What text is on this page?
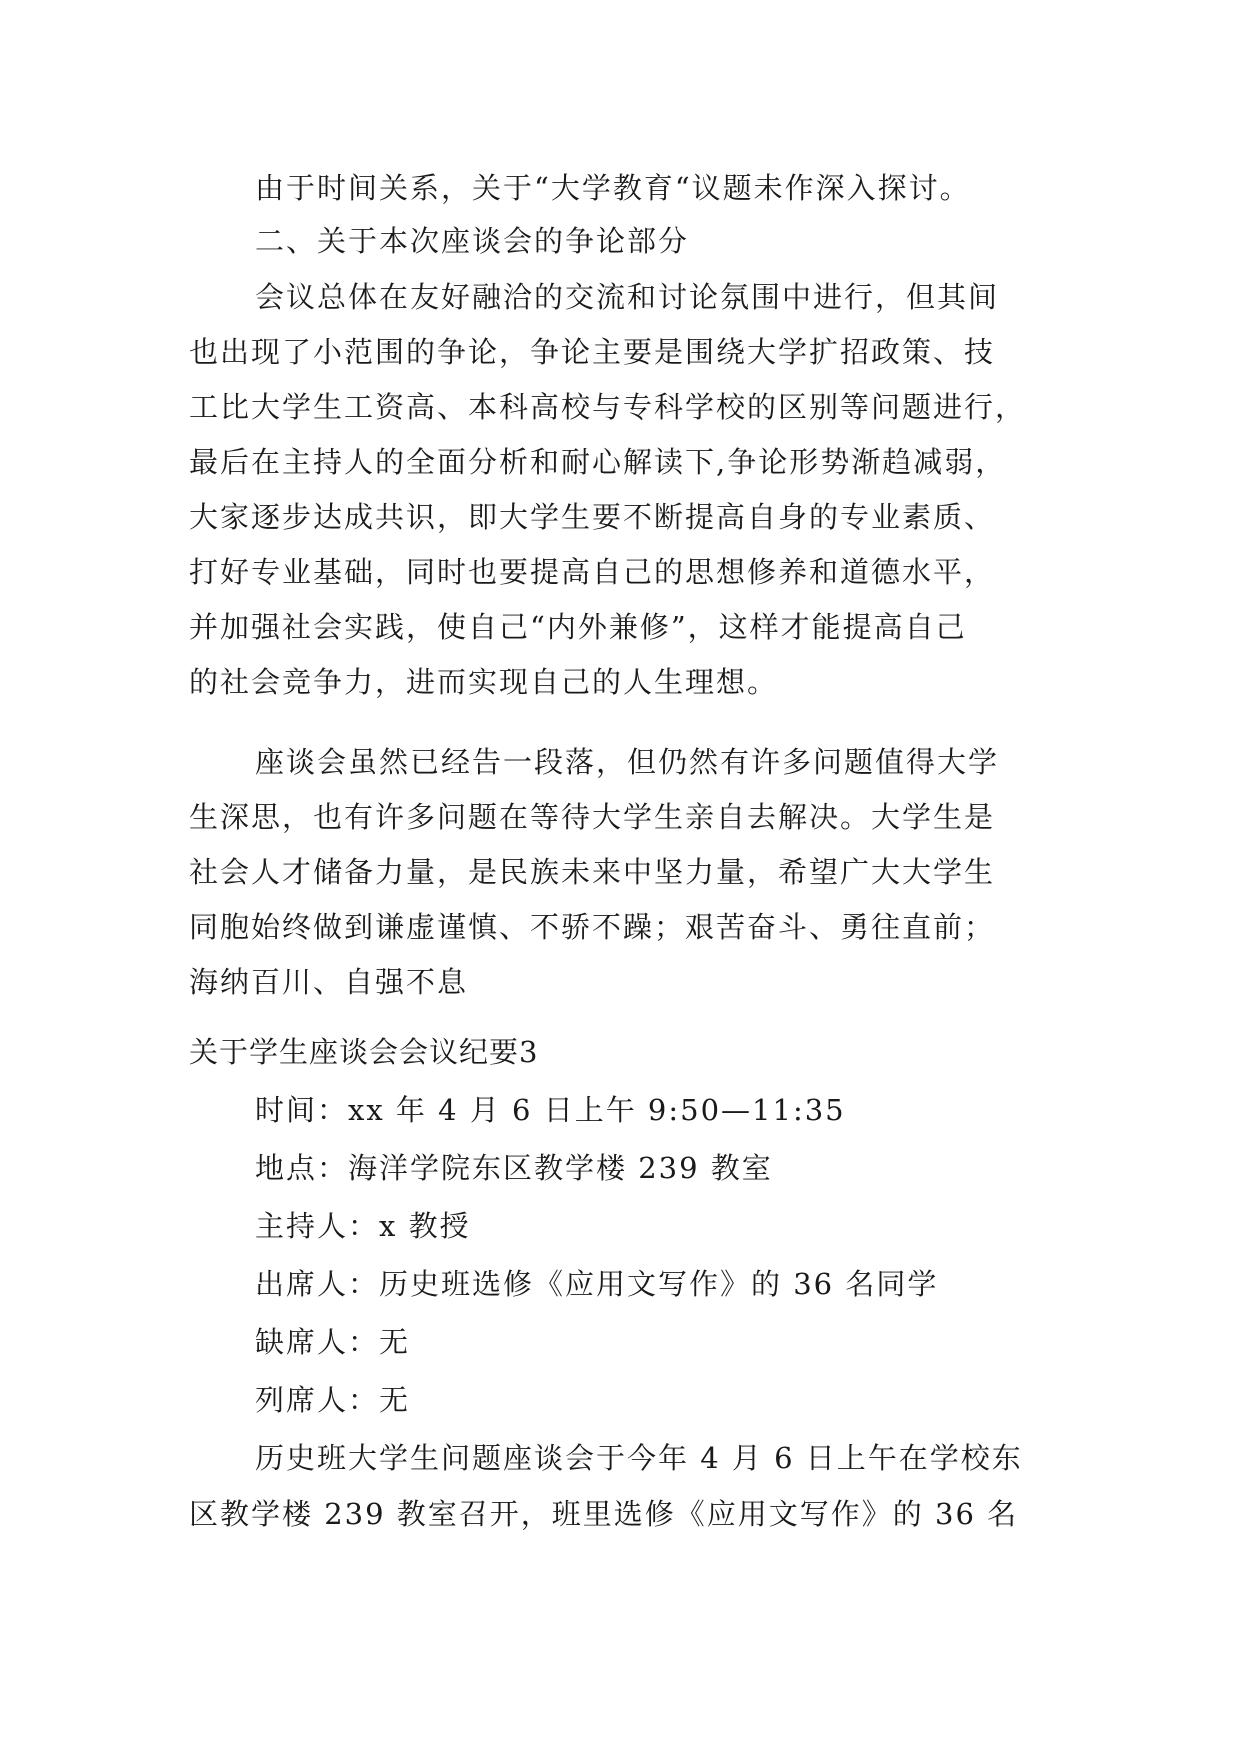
由于时间关系，关于“大学教育“议题未作深入探讨。
二、关于本次座谈会的争论部分
会议总体在友好融洽的交流和讨论氛围中进行，但其间
也出现了小范围的争论，争论主要是围绕大学扩招政策、技
工比大学生工资高、本科高校与专科学校的区别等问题进行，
最后在主持人的全面分析和耐心解读下,争论形势渐趋减弱，
大家逐步达成共识，即大学生要不断提高自身的专业素质、
打好专业基础，同时也要提高自己的思想修养和道德水平，
并加强社会实践，使自己“内外兼修”，这样才能提高自己
的社会竞争力，进而实现自己的人生理想。
座谈会虽然已经告一段落，但仍然有许多问题值得大学
生深思，也有许多问题在等待大学生亲自去解决。大学生是
社会人才储备力量，是民族未来中坚力量，希望广大大学生
同胞始终做到谦虚谨慎、不骄不躁；艰苦奋斗、勇往直前；
海纳百川、自强不息
关于学生座谈会会议纪要3
时间：xx 年 4 月 6 日上午 9:50—11:35
地点：海洋学院东区教学楼 239 教室
主持人：x 教授
出席人：历史班选修《应用文写作》的 36 名同学
缺席人：无
列席人：无
历史班大学生问题座谈会于今年 4 月 6 日上午在学校东
区教学楼 239 教室召开，班里选修《应用文写作》的 36 名
